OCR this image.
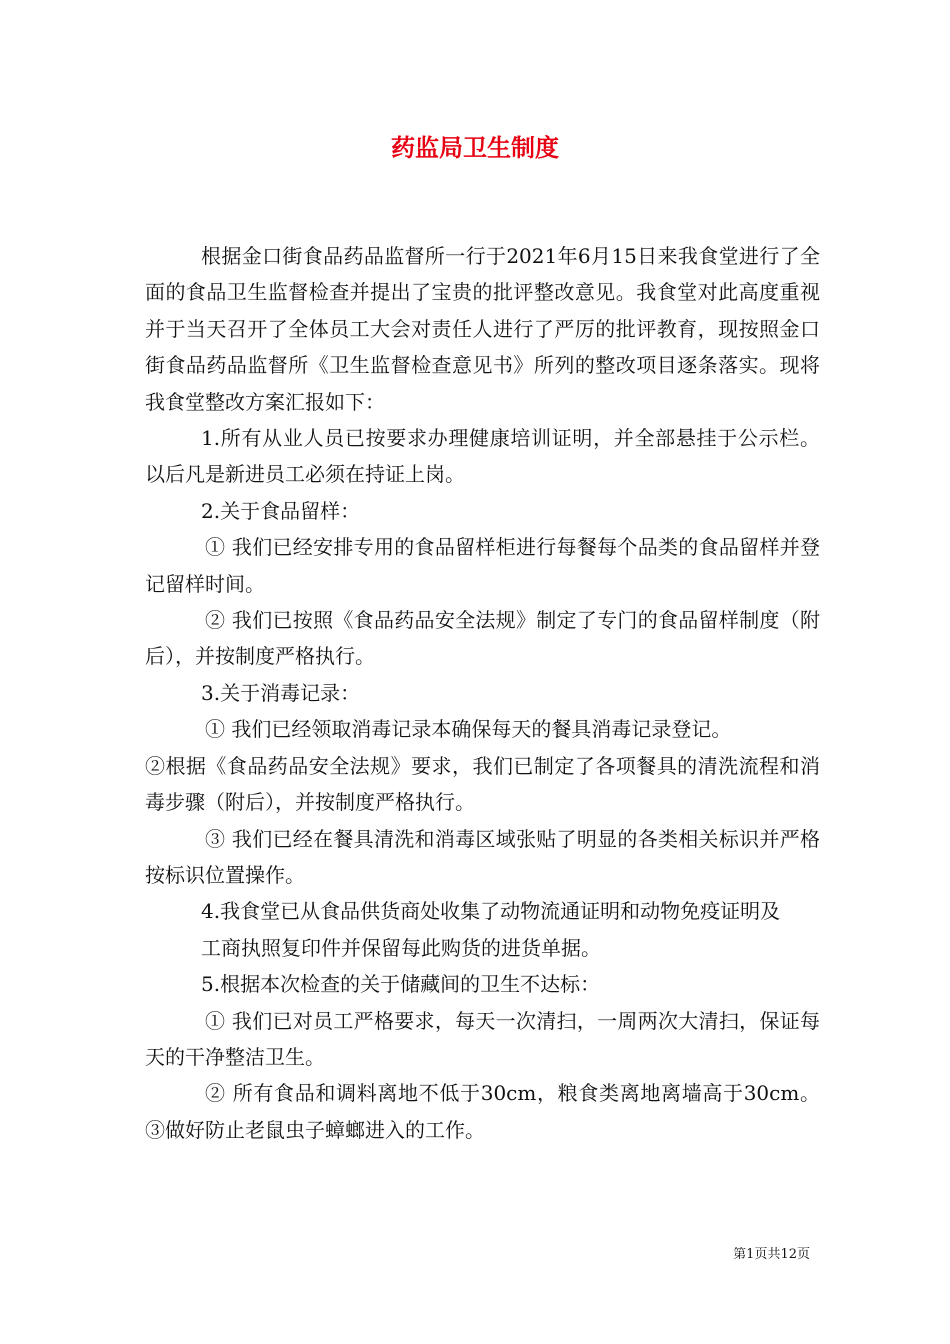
药监局卫生制度

根据金口街食品药品监督所一行于2021年6月15日来我食堂进行了全面的食品卫生监督检查并提出了宝贵的批评整改意见。我食堂对此高度重视并于当天召开了全体员工大会对责任人进行了严厉的批评教育，现按照金口街食品药品监督所《卫生监督检查意见书》所列的整改项目逐条落实。现将我食堂整改方案汇报如下：

1.所有从业人员已按要求办理健康培训证明，并全部悬挂于公示栏。以后凡是新进员工必须在持证上岗。

2.关于食品留样：

① 我们已经安排专用的食品留样柜进行每餐每个品类的食品留样并登记留样时间。

② 我们已按照《食品药品安全法规》制定了专门的食品留样制度（附后），并按制度严格执行。

3.关于消毒记录：

① 我们已经领取消毒记录本确保每天的餐具消毒记录登记。

②根据《食品药品安全法规》要求，我们已制定了各项餐具的清洗流程和消毒步骤（附后），并按制度严格执行。

③ 我们已经在餐具清洗和消毒区域张贴了明显的各类相关标识并严格按标识位置操作。

4.我食堂已从食品供货商处收集了动物流通证明和动物免疫证明及

工商执照复印件并保留每此购货的进货单据。

5.根据本次检查的关于储藏间的卫生不达标：

① 我们已对员工严格要求，每天一次清扫，一周两次大清扫，保证每天的干净整洁卫生。

② 所有食品和调料离地不低于30cm，粮食类离地离墙高于30cm。③做好防止老鼠虫子蟑螂进入的工作。

第1页共12页
